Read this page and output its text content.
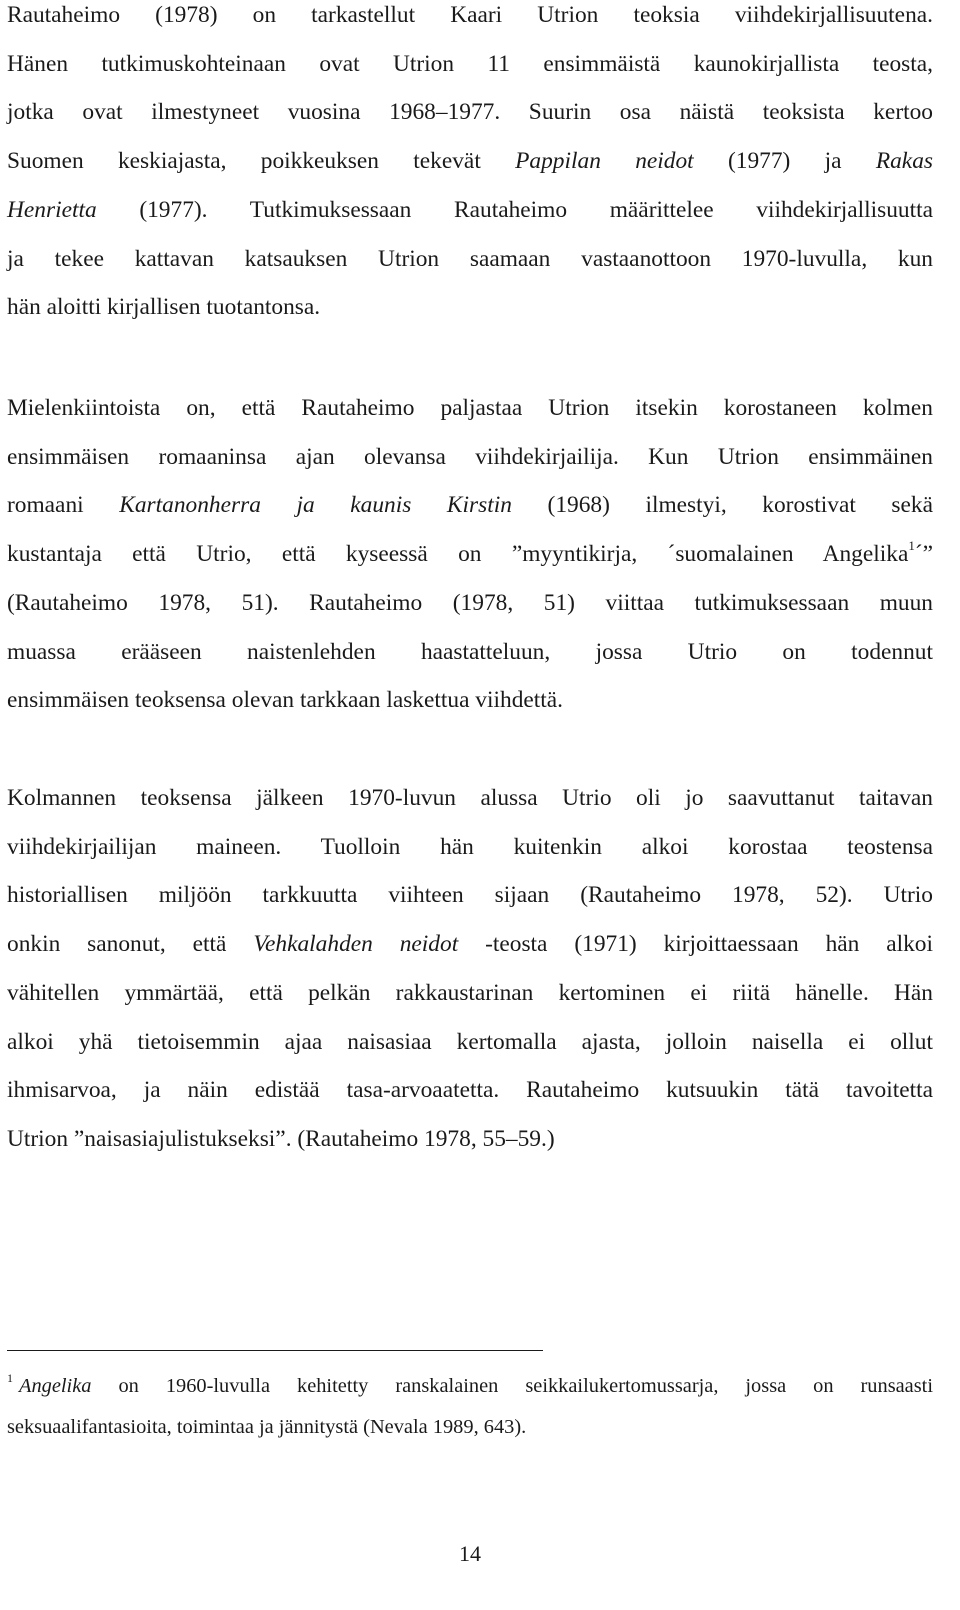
Rautaheimo (1978) on tarkastellut Kaari Utrion teoksia viihdekirjallisuutena.
Hänen tutkimuskohteinaan ovat Utrion 11 ensimmäistä kaunokirjallista teosta,
jotka ovat ilmestyneet vuosina 1968–1977. Suurin osa näistä teoksista kertoo
Suomen keskiajasta, poikkeuksen tekevät Pappilan neidot (1977) ja Rakas
Henrietta (1977). Tutkimuksessaan Rautaheimo määrittelee viihdekirjallisuutta
ja tekee kattavan katsauksen Utrion saamaan vastaanottoon 1970-luvulla, kun
hän aloitti kirjallisen tuotantonsa.
Mielenkiintoista on, että Rautaheimo paljastaa Utrion itsekin korostaneen kolmen
ensimmäisen romaaninsa ajan olevansa viihdekirjailija. Kun Utrion ensimmäinen
romaani Kartanonherra ja kaunis Kirstin (1968) ilmestyi, korostivat sekä
kustantaja että Utrio, että kyseessä on ”myyntikirja, ´suomalainen Angelika$^1$´”
(Rautaheimo 1978, 51). Rautaheimo (1978, 51) viittaa tutkimuksessaan muun
muassa erääseen naistenlehden haastatteluun, jossa Utrio on todennut
ensimmäisen teoksensa olevan tarkkaan laskettua viihdettä.
Kolmannen teoksensa jälkeen 1970-luvun alussa Utrio oli jo saavuttanut taitavan
viihdekirjailijan maineen. Tuolloin hän kuitenkin alkoi korostaa teostensa
historiallisen miljöön tarkkuutta viihteen sijaan (Rautaheimo 1978, 52). Utrio
onkin sanonut, että Vehkalahden neidot -teosta (1971) kirjoittaessaan hän alkoi
vähitellen ymmärtää, että pelkän rakkaustarinan kertominen ei riitä hänelle. Hän
alkoi yhä tietoisemmin ajaa naisasiaa kertomalla ajasta, jolloin naisella ei ollut
ihmisarvoa, ja näin edistää tasa-arvoaatetta. Rautaheimo kutsuukin tätä tavoitetta
Utrion ”naisasiajulistukseksi”. (Rautaheimo 1978, 55–59.)
$^1$ Angelika on 1960-luvulla kehitetty ranskalainen seikkailukertomussarja, jossa on runsaasti
seksuaalifantasioita, toimintaa ja jännitystä (Nevala 1989, 643).
14
